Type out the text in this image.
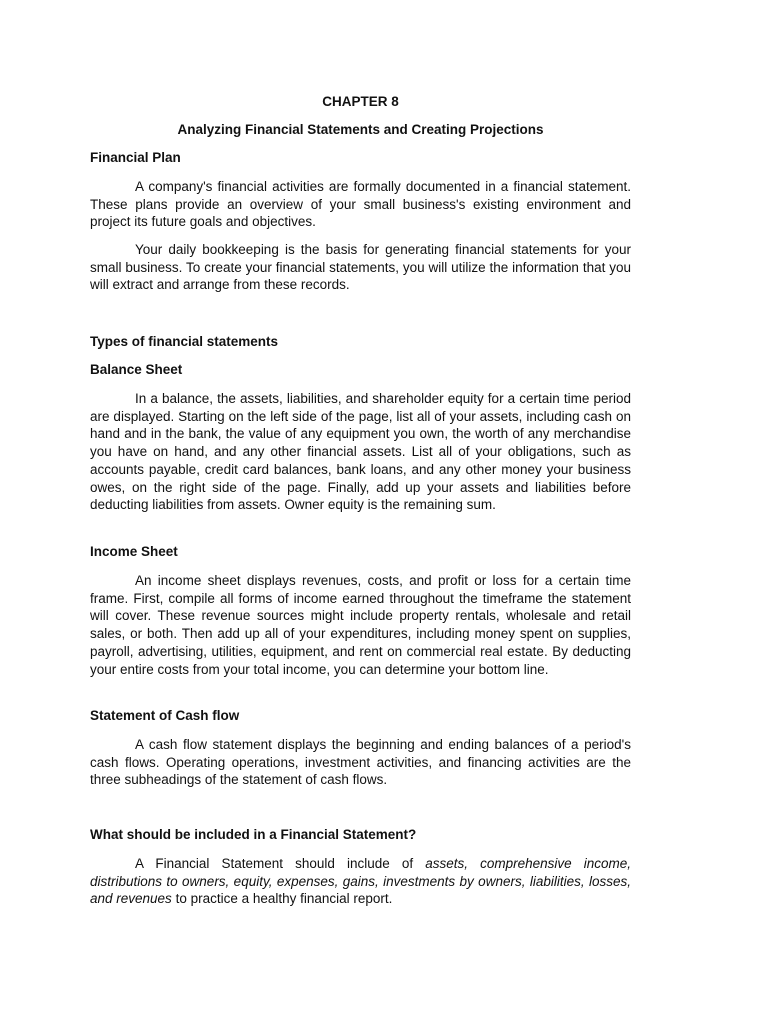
CHAPTER 8
Analyzing Financial Statements and Creating Projections
Financial Plan
A company's financial activities are formally documented in a financial statement. These plans provide an overview of your small business's existing environment and project its future goals and objectives.
Your daily bookkeeping is the basis for generating financial statements for your small business. To create your financial statements, you will utilize the information that you will extract and arrange from these records.
Types of financial statements
Balance Sheet
In a balance, the assets, liabilities, and shareholder equity for a certain time period are displayed. Starting on the left side of the page, list all of your assets, including cash on hand and in the bank, the value of any equipment you own, the worth of any merchandise you have on hand, and any other financial assets. List all of your obligations, such as accounts payable, credit card balances, bank loans, and any other money your business owes, on the right side of the page. Finally, add up your assets and liabilities before deducting liabilities from assets. Owner equity is the remaining sum.
Income Sheet
An income sheet displays revenues, costs, and profit or loss for a certain time frame. First, compile all forms of income earned throughout the timeframe the statement will cover. These revenue sources might include property rentals, wholesale and retail sales, or both. Then add up all of your expenditures, including money spent on supplies, payroll, advertising, utilities, equipment, and rent on commercial real estate. By deducting your entire costs from your total income, you can determine your bottom line.
Statement of Cash flow
A cash flow statement displays the beginning and ending balances of a period's cash flows. Operating operations, investment activities, and financing activities are the three subheadings of the statement of cash flows.
What should be included in a Financial Statement?
A Financial Statement should include of assets, comprehensive income, distributions to owners, equity, expenses, gains, investments by owners, liabilities, losses, and revenues to practice a healthy financial report.
